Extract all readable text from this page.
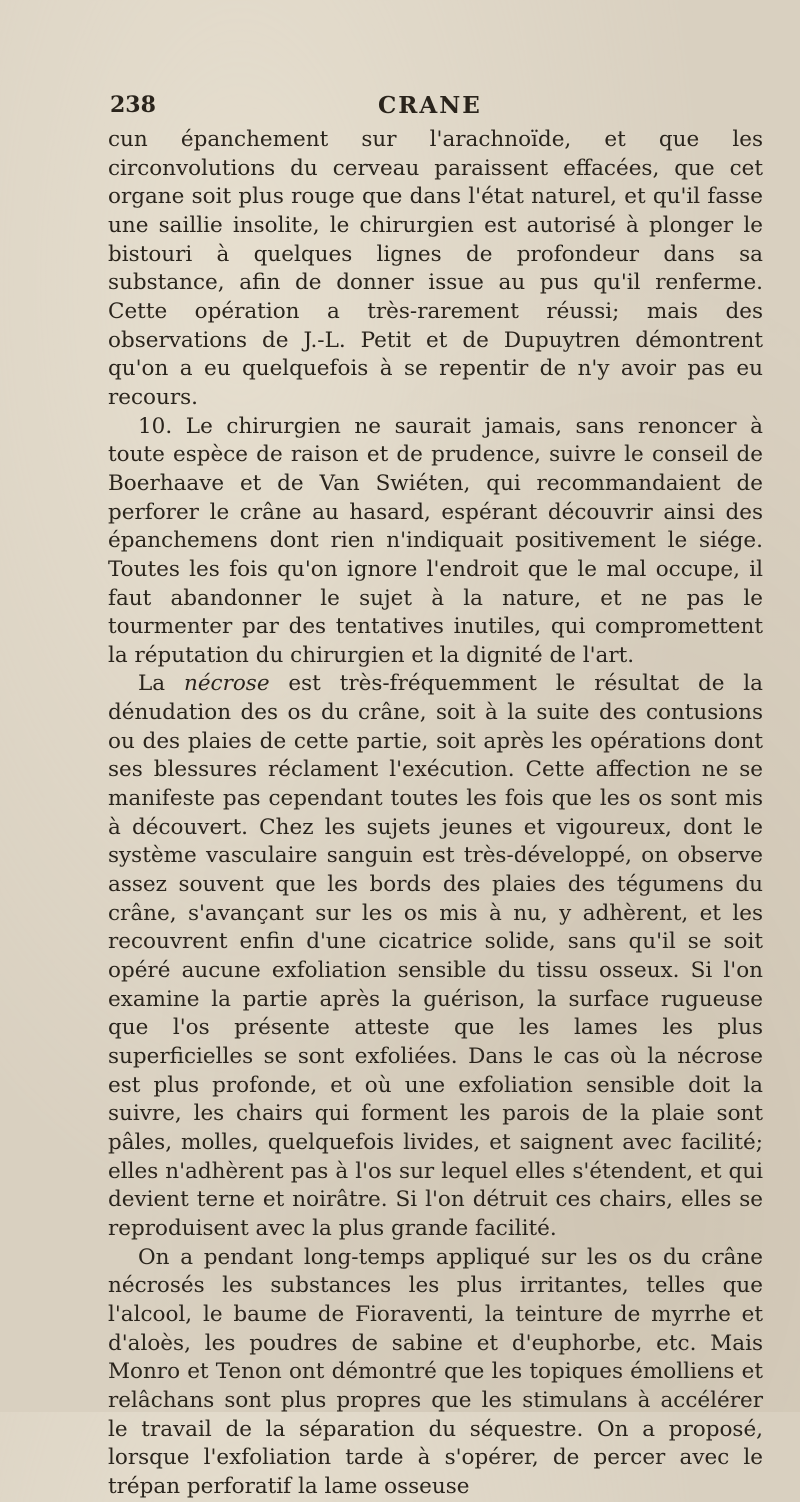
238	CRANE

cun épanchement sur l'arachnoïde, et que les circonvolutions du cerveau paraissent effacées, que cet organe soit plus rouge que dans l'état naturel, et qu'il fasse une saillie insolite, le chirurgien est autorisé à plonger le bistouri à quelques lignes de profondeur dans sa substance, afin de donner issue au pus qu'il renferme. Cette opération a très-rarement réussi; mais des observations de J.-L. Petit et de Dupuytren démontrent qu'on a eu quelquefois à se repentir de n'y avoir pas eu recours.

10. Le chirurgien ne saurait jamais, sans renoncer à toute espèce de raison et de prudence, suivre le conseil de Boerhaave et de Van Swiéten, qui recommandaient de perforer le crâne au hasard, espérant découvrir ainsi des épanchemens dont rien n'indiquait positivement le siége. Toutes les fois qu'on ignore l'endroit que le mal occupe, il faut abandonner le sujet à la nature, et ne pas le tourmenter par des tentatives inutiles, qui compromettent la réputation du chirurgien et la dignité de l'art.

La nécrose est très-fréquemment le résultat de la dénudation des os du crâne, soit à la suite des contusions ou des plaies de cette partie, soit après les opérations dont ses blessures réclament l'exécution. Cette affection ne se manifeste pas cependant toutes les fois que les os sont mis à découvert. Chez les sujets jeunes et vigoureux, dont le système vasculaire sanguin est très-développé, on observe assez souvent que les bords des plaies des tégumens du crâne, s'avançant sur les os mis à nu, y adhèrent, et les recouvrent enfin d'une cicatrice solide, sans qu'il se soit opéré aucune exfoliation sensible du tissu osseux. Si l'on examine la partie après la guérison, la surface rugueuse que l'os présente atteste que les lames les plus superficielles se sont exfoliées. Dans le cas où la nécrose est plus profonde, et où une exfoliation sensible doit la suivre, les chairs qui forment les parois de la plaie sont pâles, molles, quelquefois livides, et saignent avec facilité; elles n'adhèrent pas à l'os sur lequel elles s'étendent, et qui devient terne et noirâtre. Si l'on détruit ces chairs, elles se reproduisent avec la plus grande facilité.

On a pendant long-temps appliqué sur les os du crâne nécrosés les substances les plus irritantes, telles que l'alcool, le baume de Fioraventi, la teinture de myrrhe et d'aloès, les poudres de sabine et d'euphorbe, etc. Mais Monro et Tenon ont démontré que les topiques émolliens et relâchans sont plus propres que les stimulans à accélérer le travail de la séparation du séquestre. On a proposé, lorsque l'exfoliation tarde à s'opérer, de percer avec le trépan perforatif la lame osseuse
